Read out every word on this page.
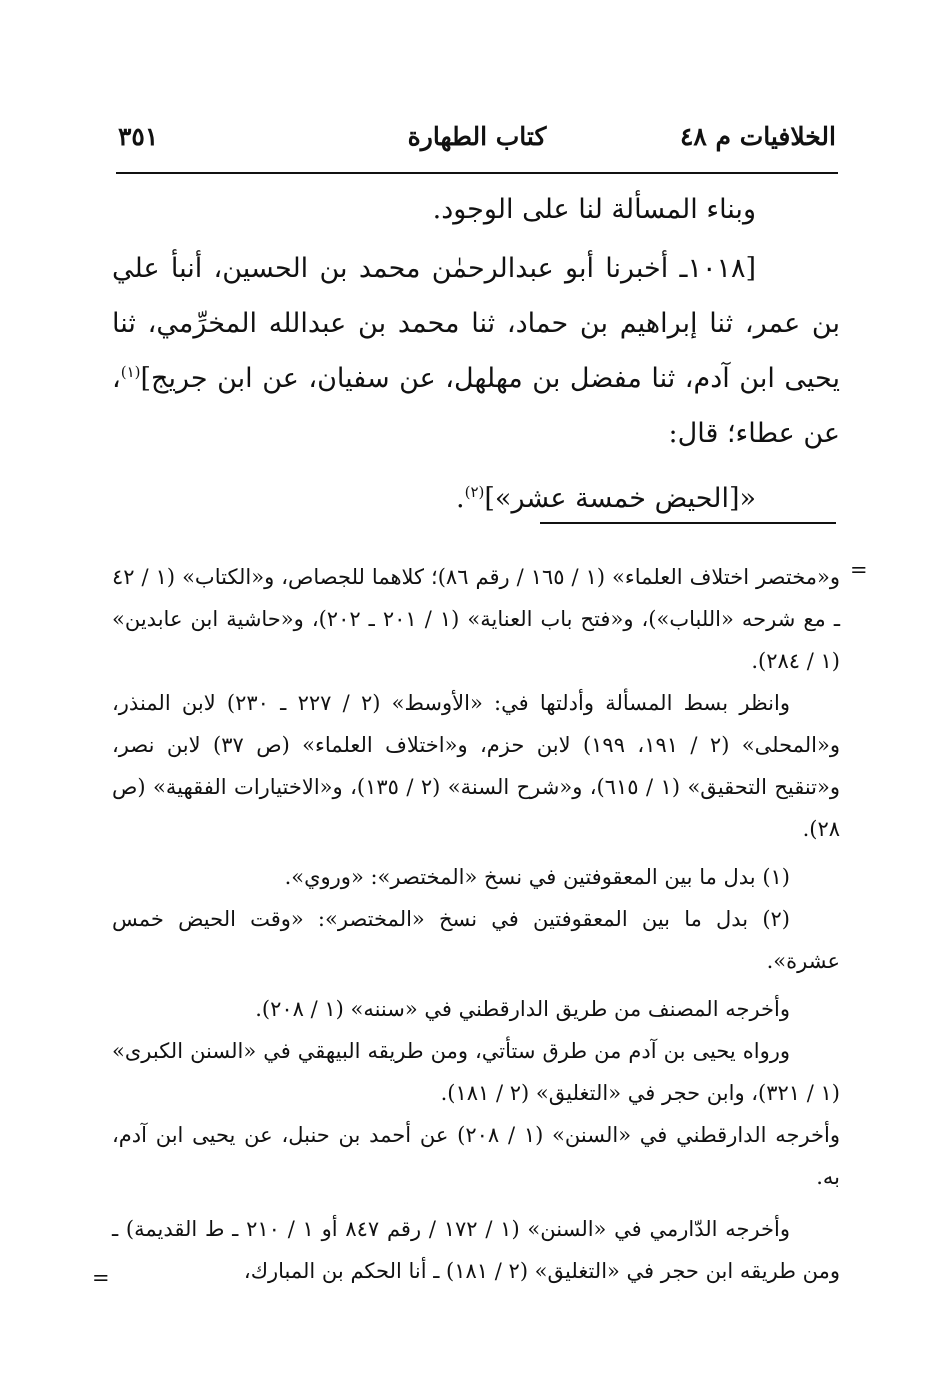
الخلافيات م ٤٨
كتاب الطهارة
٣٥١

وبناء المسألة لنا على الوجود.

[١٠١٨ـ أخبرنا أبو عبدالرحمٰن محمد بن الحسين، أنبأ علي بن عمر، ثنا إبراهيم بن حماد، ثنا محمد بن عبدالله المخرِّمي، ثنا يحيى ابن آدم، ثنا مفضل بن مهلهل، عن سفيان، عن ابن جريج]$^{(١)}$، عن عطاء؛ قال:

«[الحيض خمسة عشر»]$^{(٢)}$.

=

و«مختصر اختلاف العلماء» (١ / ١٦٥ / رقم ٨٦)؛ كلاهما للجصاص، و«الكتاب» (١ / ٤٢ ـ مع شرحه «اللباب»)، و«فتح باب العناية» (١ / ٢٠١ ـ ٢٠٢)، و«حاشية ابن عابدين» (١ / ٢٨٤).

وانظر بسط المسألة وأدلتها في: «الأوسط» (٢ / ٢٢٧ ـ ٢٣٠) لابن المنذر، و«المحلى» (٢ / ١٩١، ١٩٩) لابن حزم، و«اختلاف العلماء» (ص ٣٧) لابن نصر، و«تنقيح التحقيق» (١ / ٦١٥)، و«شرح السنة» (٢ / ١٣٥)، و«الاختيارات الفقهية» (ص ٢٨).

(١) بدل ما بين المعقوفتين في نسخ «المختصر»: «وروي».

(٢) بدل ما بين المعقوفتين في نسخ «المختصر»: «وقت الحيض خمس عشرة».

وأخرجه المصنف من طريق الدارقطني في «سننه» (١ / ٢٠٨).

ورواه يحيى بن آدم من طرق ستأتي، ومن طريقه البيهقي في «السنن الكبرى» (١ / ٣٢١)، وابن حجر في «التغليق» (٢ / ١٨١).

وأخرجه الدارقطني في «السنن» (١ / ٢٠٨) عن أحمد بن حنبل، عن يحيى ابن آدم، به.

وأخرجه الدّارمي في «السنن» (١ / ١٧٢ / رقم ٨٤٧ أو ١ / ٢١٠ ـ ط القديمة) ـ ومن طريقه ابن حجر في «التغليق» (٢ / ١٨١) ـ أنا الحكم بن المبارك،

=
